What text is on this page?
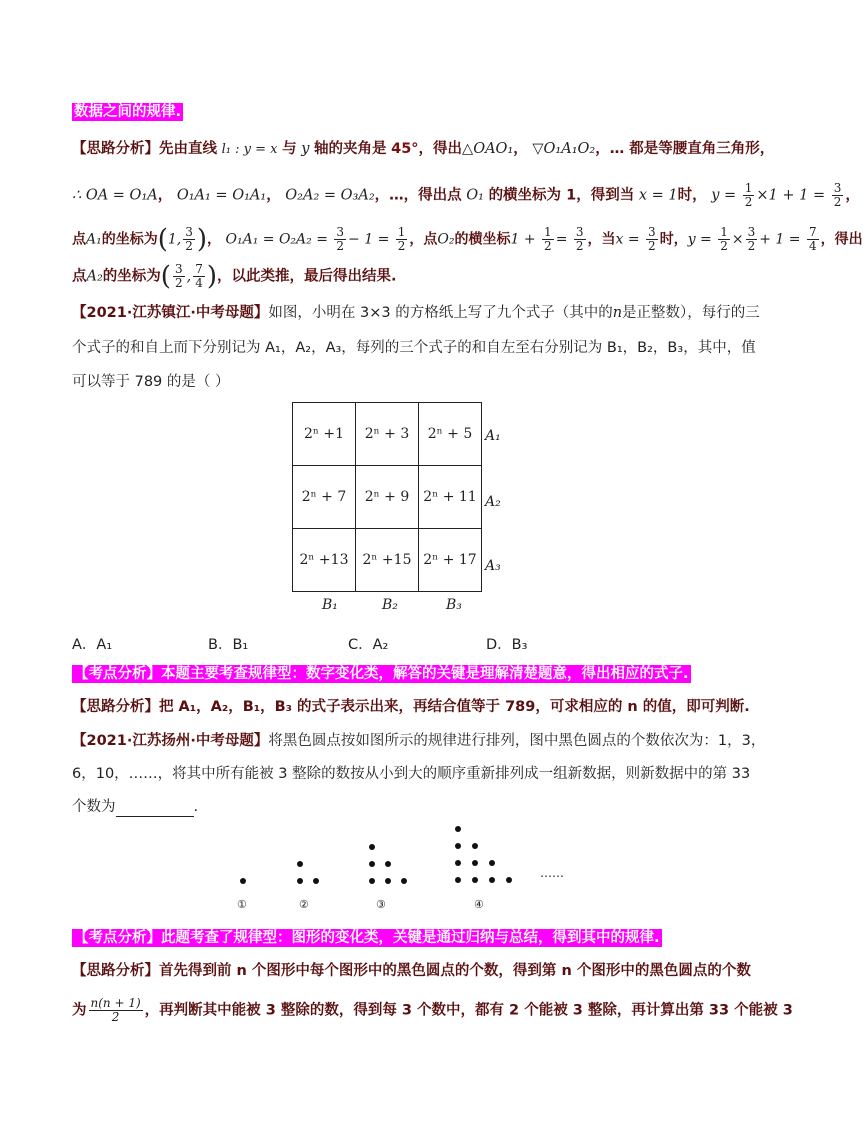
数据之间的规律.
【思路分析】先由直线 l₁ : y = x 与 y 轴的夹角是 45°，得出△OAO₁， ▽O₁A₁O₂，… 都是等腰直角三角形，
∴ OA = O₁A， O₁A₁ = O₁A₁， O₂A₂ = O₃A₂，…，得出点 O₁ 的横坐标为 1，得到当 x = 1时， $y = \frac{1}{2} \times 1 + 1 = \frac{3}{2}$ ，
点A₁的坐标为(1, $\frac{3}{2}$ )， $O_1A_1 = O_2A_2 = \frac{3}{2} - 1 = \frac{1}{2}$ ，点O₂的横坐标$1 + \frac{1}{2} = \frac{3}{2}$ ，当$x = \frac{3}{2}$ 时，$y = \frac{1}{2} \times \frac{3}{2} + 1 = \frac{7}{4}$ ，得出
点A₂的坐标为( $\frac{3}{2}$ , $\frac{7}{4}$ )，以此类推，最后得出结果.
【2021·江苏镇江·中考母题】如图，小明在 3×3 的方格纸上写了九个式子（其中的n是正整数），每行的三
个式子的和自上而下分别记为 A₁，A₂，A₃，每列的三个式子的和自左至右分别记为 B₁，B₂，B₃，其中，值
可以等于 789 的是（ ）
2ⁿ +1	2ⁿ + 3	2ⁿ + 5
2ⁿ + 7	2ⁿ + 9	2ⁿ + 11
2ⁿ +13	2ⁿ +15	2ⁿ + 17
A₁
A₂
A₃
B₁	B₂	B₃
A．A₁	B．B₁	C．A₂	D．B₃
【考点分析】本题主要考查规律型：数字变化类，解答的关键是理解清楚题意，得出相应的式子.
【思路分析】把 A₁，A₂，B₁，B₃ 的式子表示出来，再结合值等于 789，可求相应的 n 的值，即可判断.
【2021·江苏扬州·中考母题】将黑色圆点按如图所示的规律进行排列，图中黑色圆点的个数依次为：1，3，
6，10，……，将其中所有能被 3 整除的数按从小到大的顺序重新排列成一组新数据，则新数据中的第 33
个数为	.
……
①	②	③	④
【考点分析】此题考查了规律型：图形的变化类，关键是通过归纳与总结，得到其中的规律.
【思路分析】首先得到前 n 个图形中每个图形中的黑色圆点的个数，得到第 n 个图形中的黑色圆点的个数
为 $\frac{n(n + 1)}{2}$ ，再判断其中能被 3 整除的数，得到每 3 个数中，都有 2 个能被 3 整除，再计算出第 33 个能被 3
